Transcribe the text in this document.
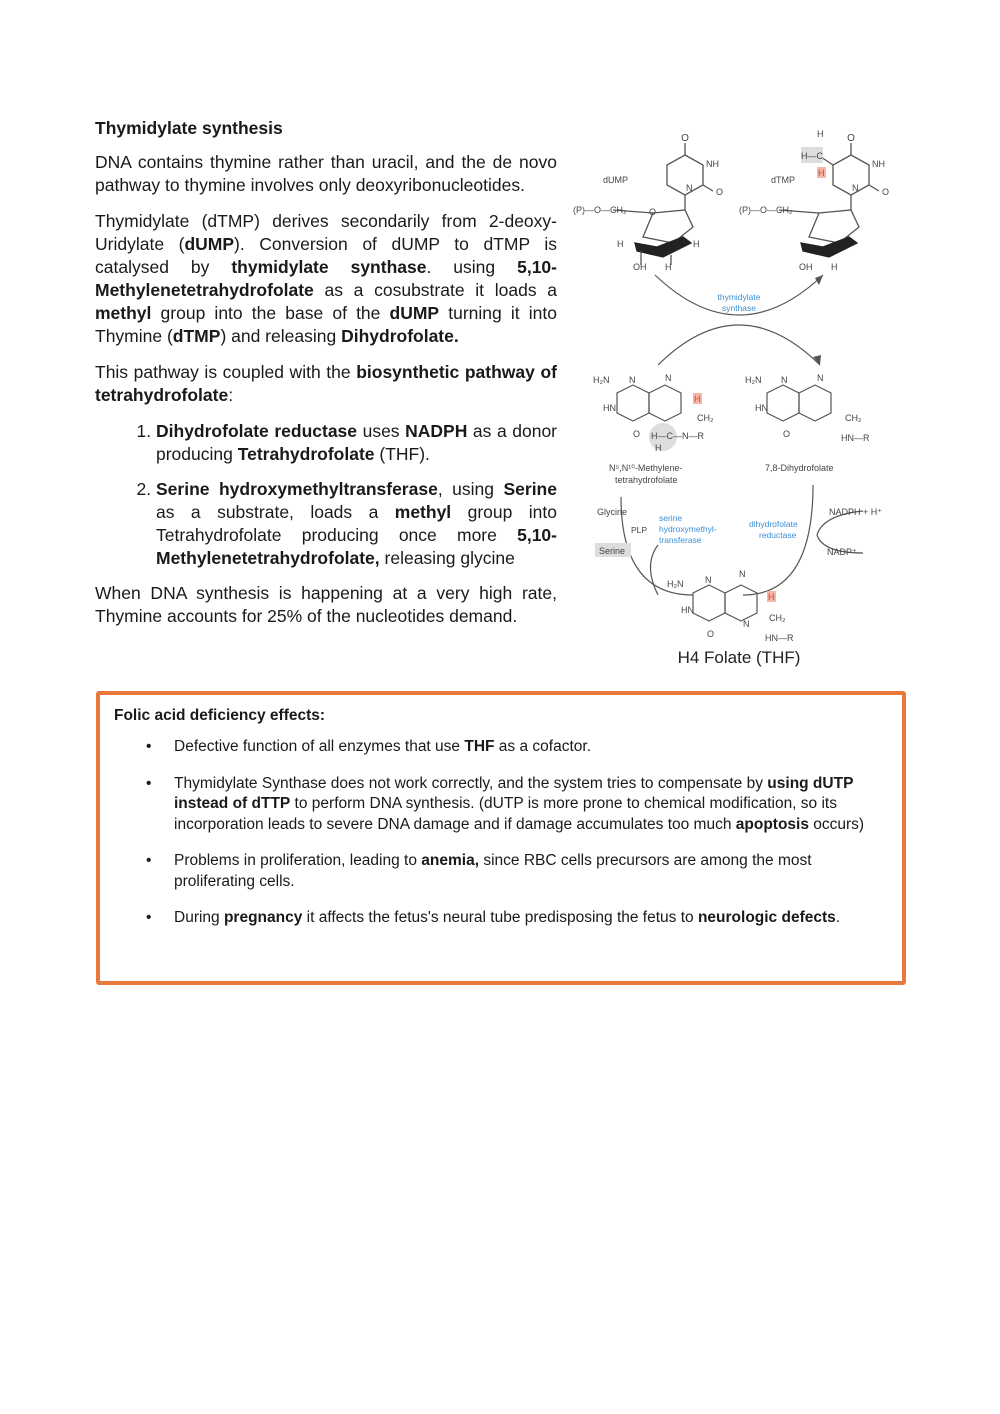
Thymidylate synthesis

DNA contains thymine rather than uracil, and the de novo pathway to thymine involves only deoxyribonucleotides.

Thymidylate (dTMP) derives secondarily from 2-deoxy-Uridylate (dUMP). Conversion of dUMP to dTMP is catalysed by thymidylate synthase. using 5,10-Methylenetetrahydrofolate as a cosubstrate it loads a methyl group into the base of the dUMP turning it into Thymine (dTMP) and releasing Dihydrofolate.

This pathway is coupled with the biosynthetic pathway of tetrahydrofolate:

1. Dihydrofolate reductase uses NADPH as a donor producing Tetrahydrofolate (THF).
2. Serine hydroxymethyltransferase, using Serine as a substrate, loads a methyl group into Tetrahydrofolate producing once more 5,10-Methylenetetrahydrofolate, releasing glycine

When DNA synthesis is happening at a very high rate, Thymine accounts for 25% of the nucleotides demand.

O
NH
N	O
dUMP
(P)—O—CH₂	O
OH H
H	H
H
H—C
H
O
NH
N	O
dTMP
(P)—O—CH₂
OH H
thymidylate
synthase
H
H₂N N	N
HN
O
CH₂
H—C—N—R
H
N⁵,N¹⁰-Methylene-
tetrahydrofolate
H₂N N	N
HN
O
CH₂
HN—R
7,8-Dihydrofolate
Glycine
PLP
Serine
serine
hydroxymethyl-
transferase
dihydrofolate
reductase
NADPH + H⁺
NADP⁺
H
H₂N N
N
HN
O
N
CH₂
HN—R
H4 Folate (THF)
Folic acid deficiency effects:
• Defective function of all enzymes that use THF as a cofactor.
• Thymidylate Synthase does not work correctly, and the system tries to compensate by using dUTP instead of dTTP to perform DNA synthesis. (dUTP is more prone to chemical modification, so its incorporation leads to severe DNA damage and if damage accumulates too much apoptosis occurs)
• Problems in proliferation, leading to anemia, since RBC cells precursors are among the most proliferating cells.
• During pregnancy it affects the fetus's neural tube predisposing the fetus to neurologic defects.
